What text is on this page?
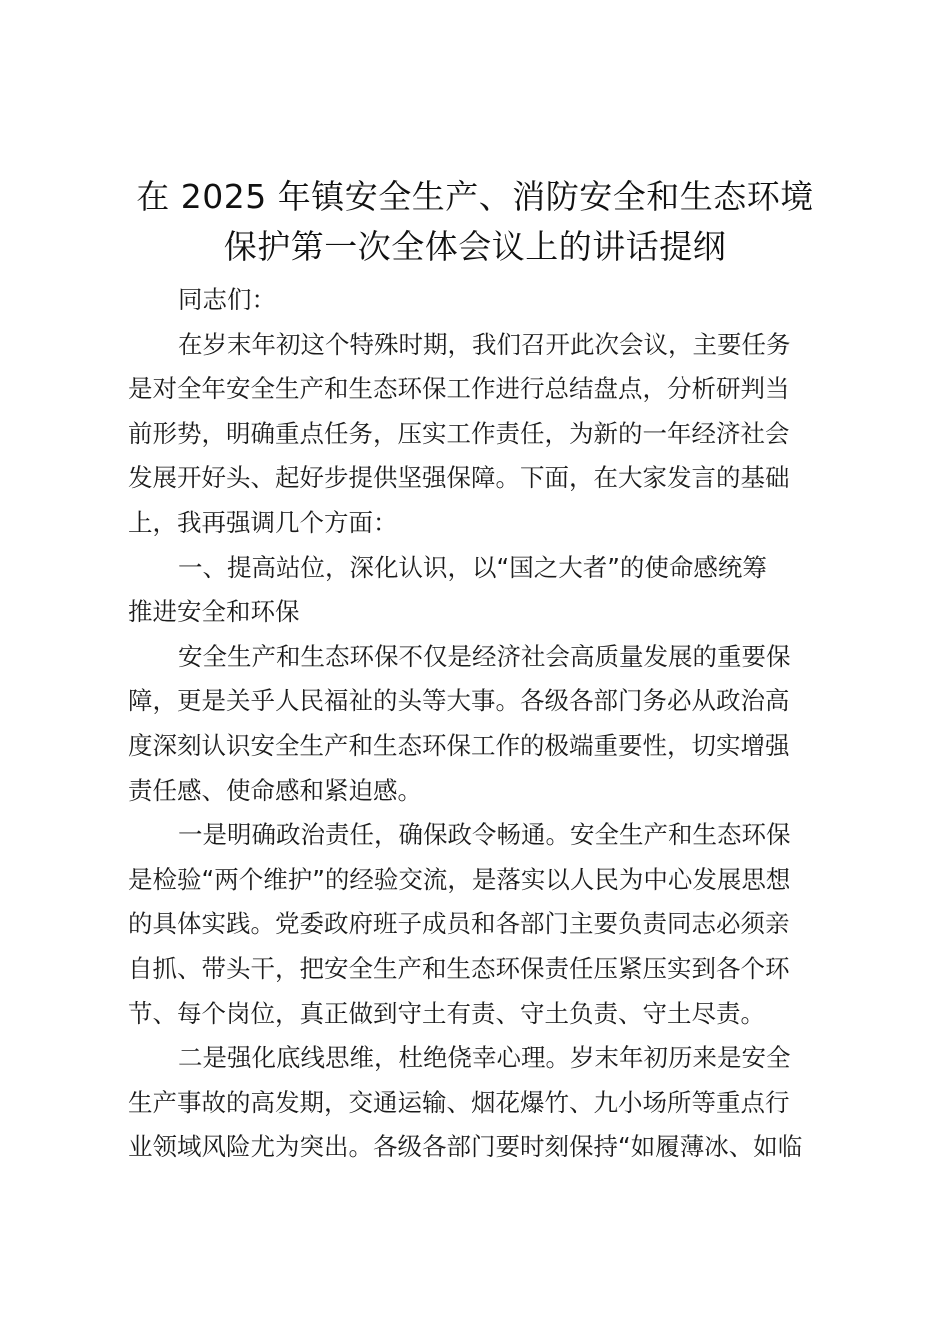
在 2025 年镇安全生产、消防安全和生态环境
保护第一次全体会议上的讲话提纲

同志们：

在岁末年初这个特殊时期，我们召开此次会议，主要任务
是对全年安全生产和生态环保工作进行总结盘点，分析研判当
前形势，明确重点任务，压实工作责任，为新的一年经济社会
发展开好头、起好步提供坚强保障。下面，在大家发言的基础
上，我再强调几个方面：
一、提高站位，深化认识，以“国之大者”的使命感统筹
推进安全和环保
安全生产和生态环保不仅是经济社会高质量发展的重要保
障，更是关乎人民福祉的头等大事。各级各部门务必从政治高
度深刻认识安全生产和生态环保工作的极端重要性，切实增强
责任感、使命感和紧迫感。
一是明确政治责任，确保政令畅通。安全生产和生态环保
是检验“两个维护”的经验交流，是落实以人民为中心发展思想
的具体实践。党委政府班子成员和各部门主要负责同志必须亲
自抓、带头干，把安全生产和生态环保责任压紧压实到各个环
节、每个岗位，真正做到守土有责、守土负责、守土尽责。
二是强化底线思维，杜绝侥幸心理。岁末年初历来是安全
生产事故的高发期，交通运输、烟花爆竹、九小场所等重点行
业领域风险尤为突出。各级各部门要时刻保持“如履薄冰、如临
